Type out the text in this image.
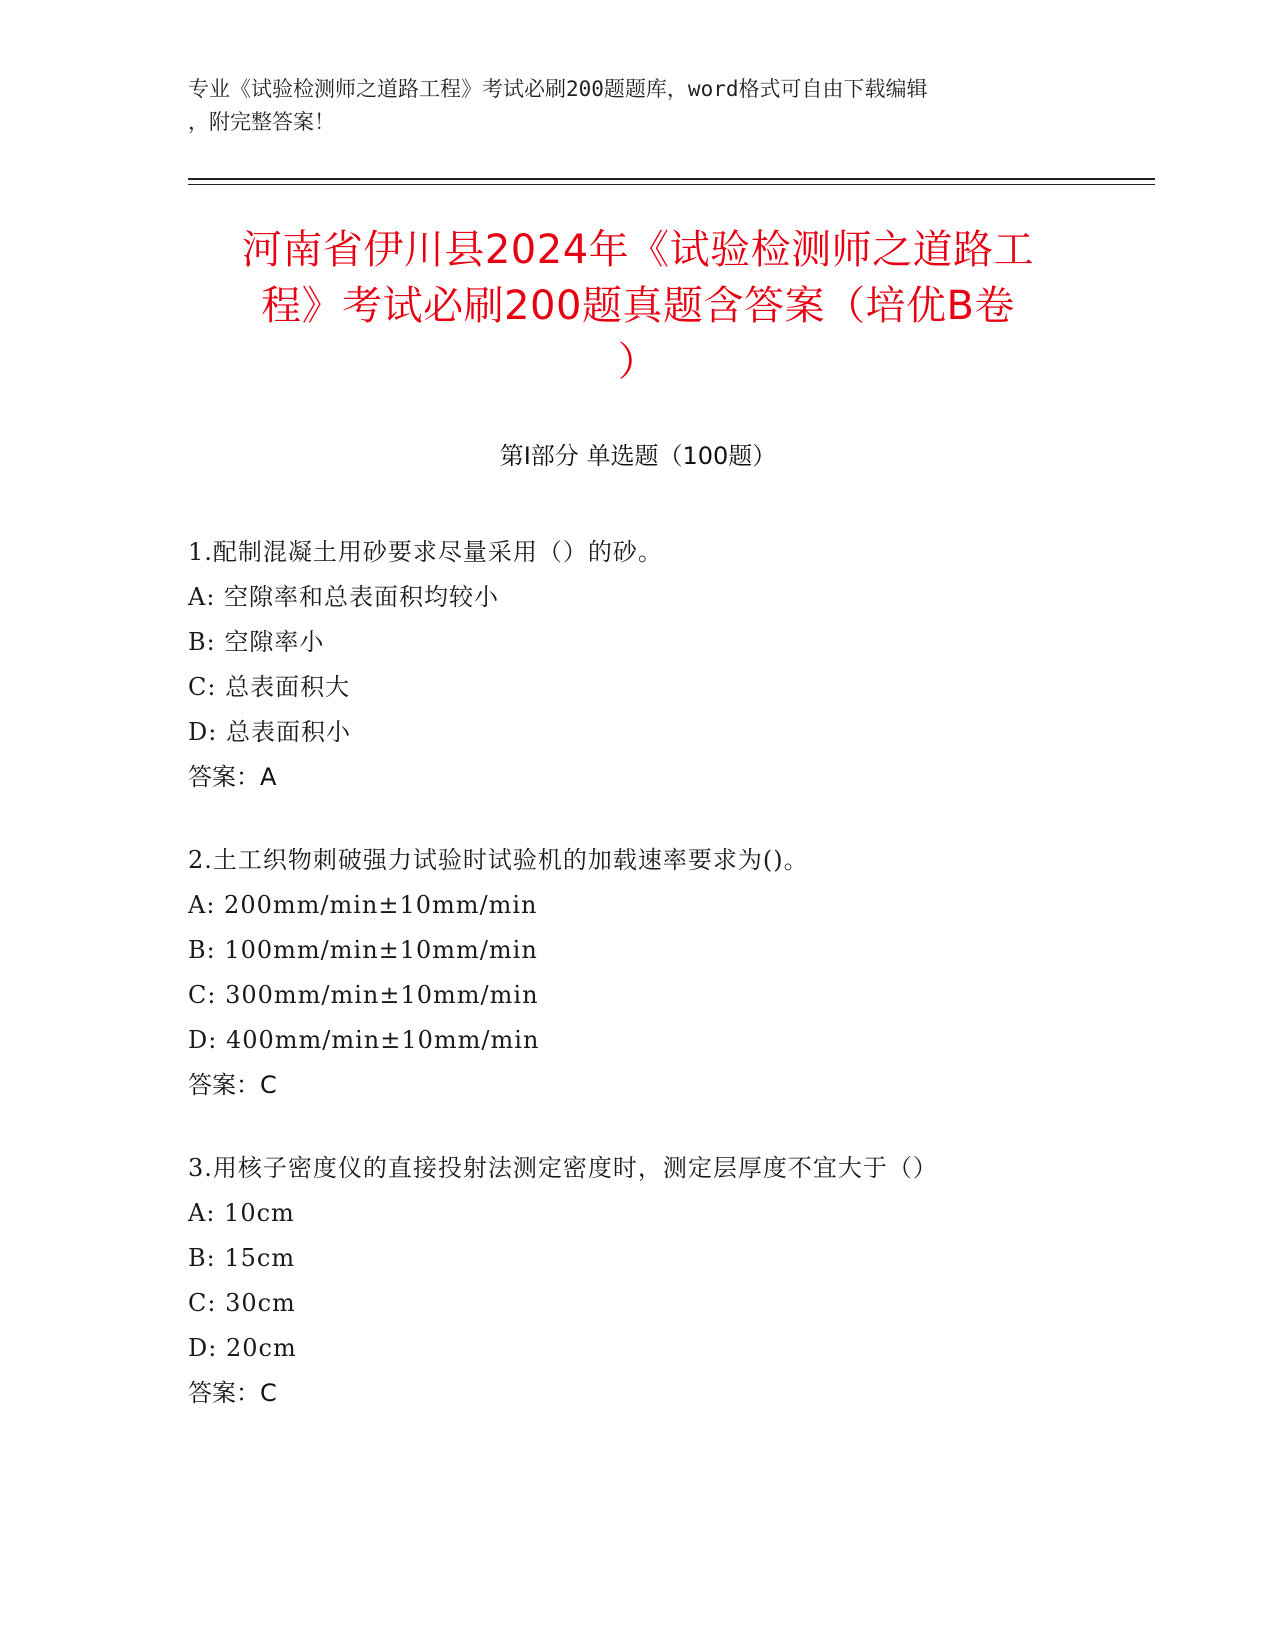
专业《试验检测师之道路工程》考试必刷200题题库，word格式可自由下载编辑
，附完整答案！
河南省伊川县2024年《试验检测师之道路工
程》考试必刷200题真题含答案（培优B卷
）
第Ⅰ部分 单选题（100题）
1.配制混凝土用砂要求尽量采用（）的砂。
A: 空隙率和总表面积均较小
B: 空隙率小
C: 总表面积大
D: 总表面积小
答案：A
2.土工织物刺破强力试验时试验机的加载速率要求为()。
A: 200mm/min±10mm/min
B: 100mm/min±10mm/min
C: 300mm/min±10mm/min
D: 400mm/min±10mm/min
答案：C
3.用核子密度仪的直接投射法测定密度时，测定层厚度不宜大于（）
A: 10cm
B: 15cm
C: 30cm
D: 20cm
答案：C
